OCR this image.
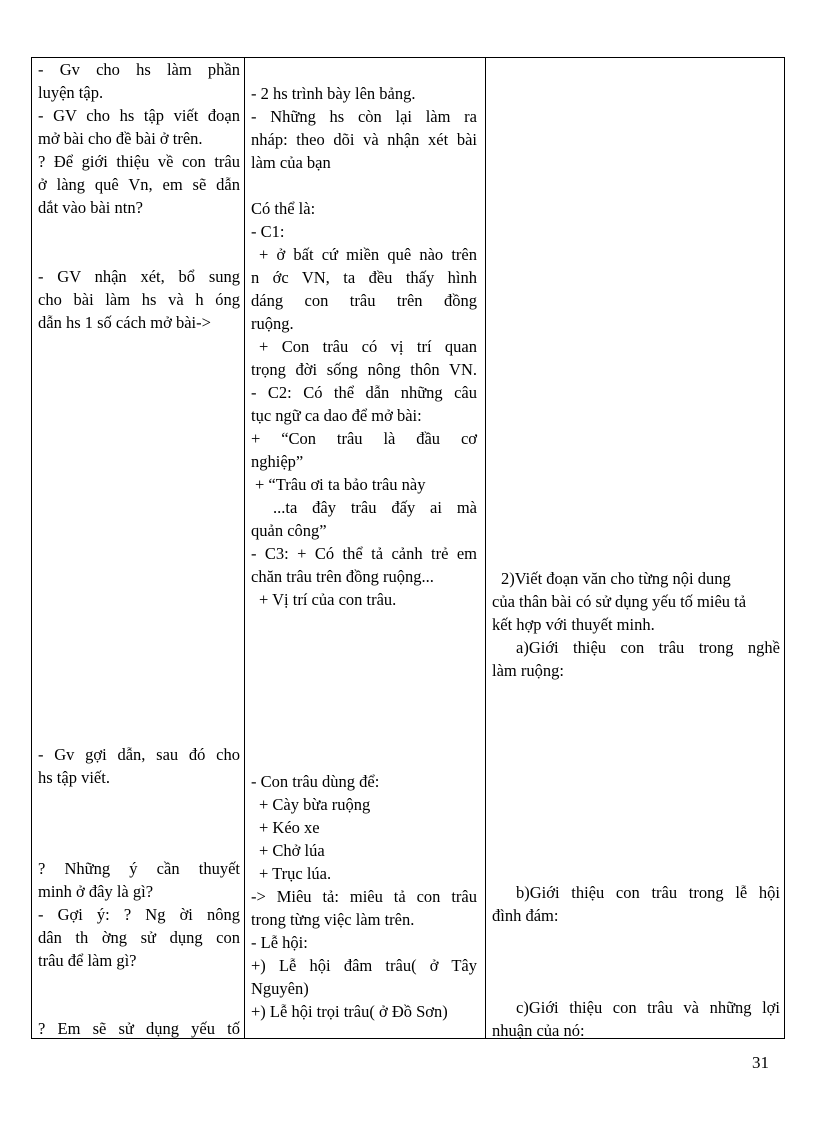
- Gv cho hs làm phần
luyện tập.
- GV cho hs tập viết đoạn
mở bài cho đề bài ở trên.
? Để giới thiệu về con trâu
ở làng quê Vn, em sẽ dẫn
dắt vào bài ntn?
- GV nhận xét, bổ sung
cho bài làm hs và h óng
dẫn hs 1 số cách mở bài->
- Gv gợi dẫn, sau đó cho
hs tập viết.
? Những ý cần thuyết
minh ở đây là gì?
- Gợi ý: ? Ng ời nông
dân th ờng sử dụng con
trâu để làm gì?
? Em sẽ sử dụng yếu tố
- 2 hs trình bày lên bảng.
- Những hs còn lại làm ra
nháp: theo dõi và nhận xét bài
làm của bạn
Có thể là:
- C1:
+ ở bất cứ miền quê nào trên
n ớc VN, ta đều thấy hình
dáng con trâu trên đồng
ruộng.
+ Con trâu có vị trí quan
trọng đời sống nông thôn VN.
- C2: Có thể dẫn những câu
tục ngữ ca dao để mở bài:
+ “Con trâu là đầu cơ
nghiệp”
+ “Trâu ơi ta bảo trâu này
...ta đây trâu đấy ai mà
quản công”
- C3: + Có thể tả cảnh trẻ em
chăn trâu trên đồng ruộng...
+ Vị trí của con trâu.
- Con trâu dùng để:
+ Cày bừa ruộng
+ Kéo xe
+ Chở lúa
+ Trục lúa.
-> Miêu tả: miêu tả con trâu
trong từng việc làm trên.
- Lễ hội:
+) Lễ hội đâm trâu( ở Tây
Nguyên)
+) Lễ hội trọi trâu( ở Đồ Sơn)
2)Viết đoạn văn cho từng nội dung
của thân bài có sử dụng yếu tố miêu tả
kết hợp với thuyết minh.
a)Giới thiệu con trâu trong nghề
làm ruộng:
b)Giới thiệu con trâu trong lễ hội
đình đám:
c)Giới thiệu con trâu và những lợi
nhuận của nó:
31
